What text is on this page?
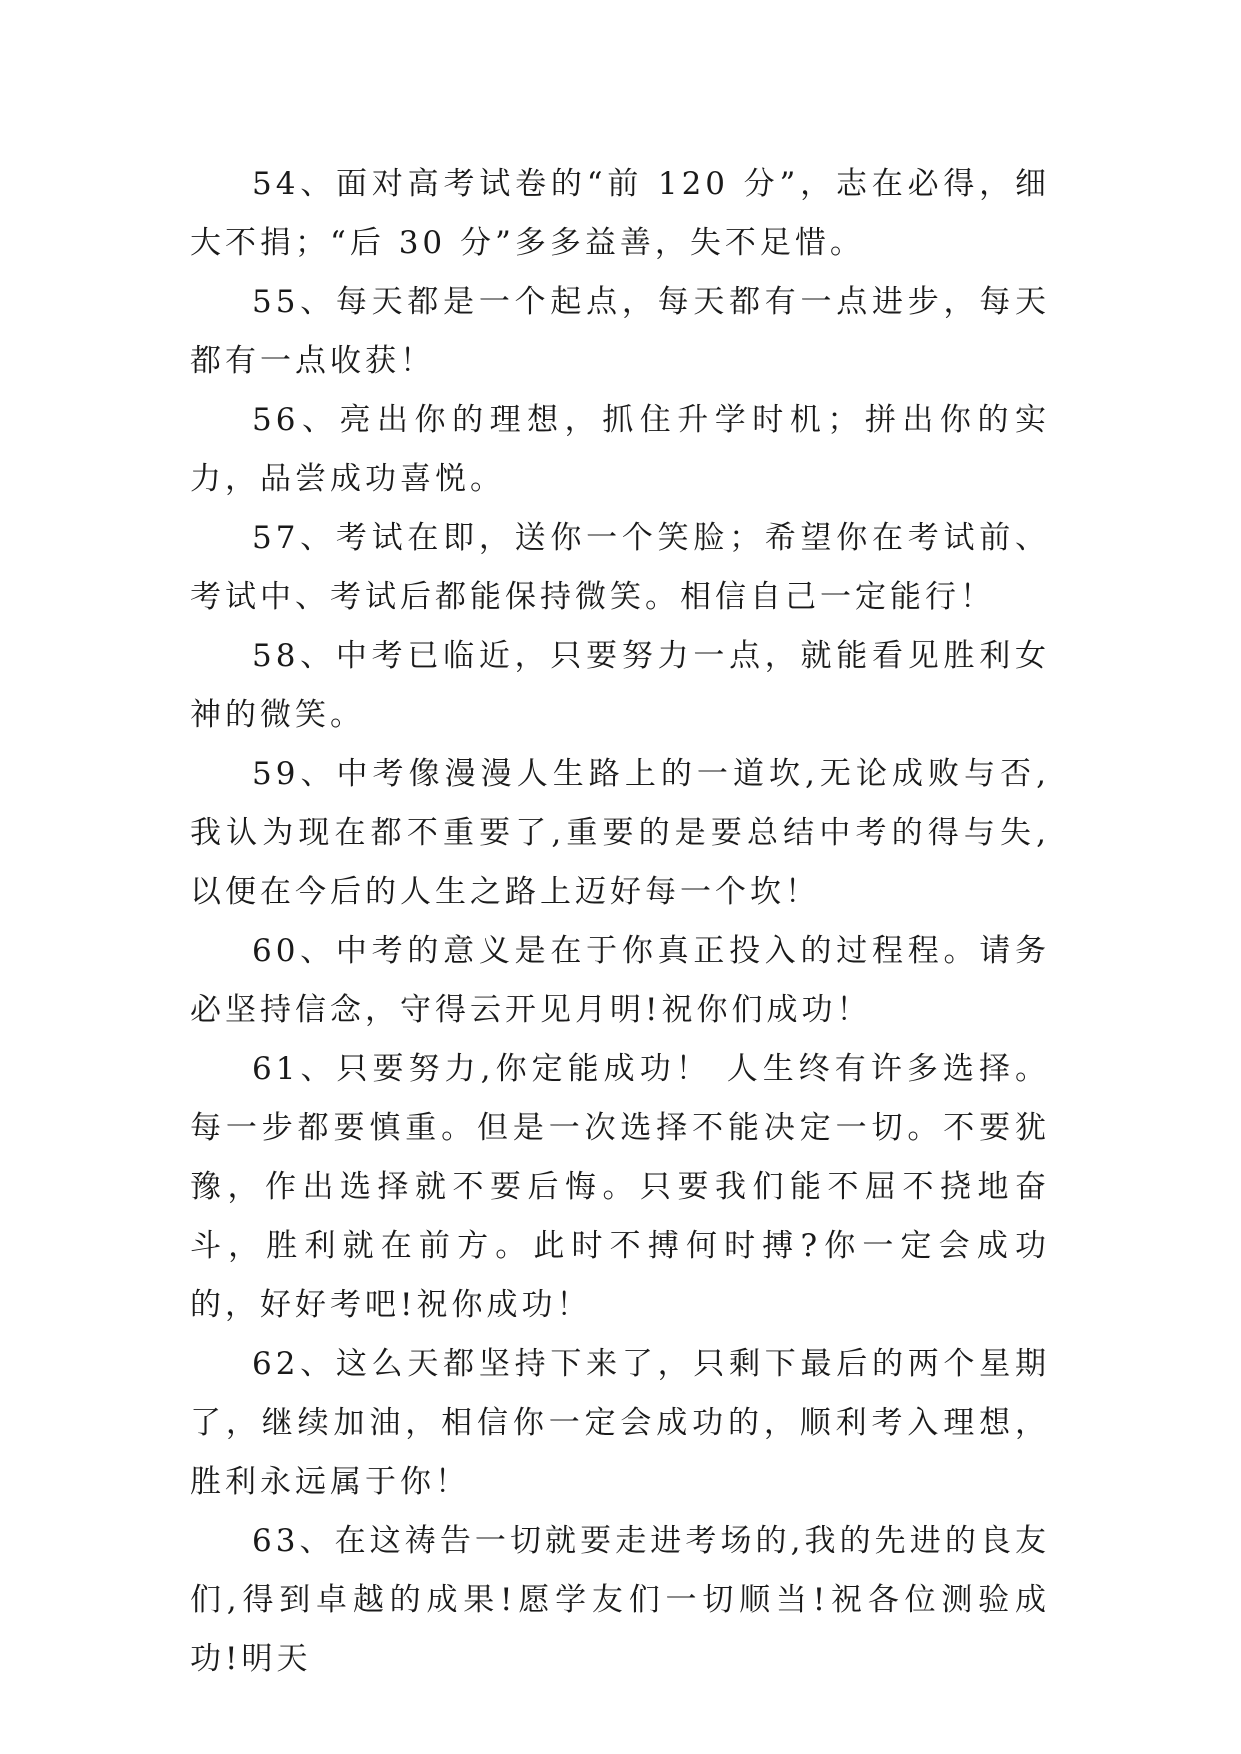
54、面对高考试卷的“前 120 分”，志在必得，细大不捐；“后 30 分”多多益善，失不足惜。

55、每天都是一个起点，每天都有一点进步，每天都有一点收获！

56、亮出你的理想，抓住升学时机；拼出你的实力，品尝成功喜悦。

57、考试在即，送你一个笑脸；希望你在考试前、考试中、考试后都能保持微笑。相信自己一定能行！

58、中考已临近，只要努力一点，就能看见胜利女神的微笑。

59、中考像漫漫人生路上的一道坎,无论成败与否,我认为现在都不重要了,重要的是要总结中考的得与失,以便在今后的人生之路上迈好每一个坎！

60、中考的意义是在于你真正投入的过程程。请务必坚持信念，守得云开见月明!祝你们成功！

61、只要努力,你定能成功！ 人生终有许多选择。每一步都要慎重。但是一次选择不能决定一切。不要犹豫，作出选择就不要后悔。只要我们能不屈不挠地奋斗，胜利就在前方。此时不搏何时搏?你一定会成功的，好好考吧!祝你成功！

62、这么天都坚持下来了，只剩下最后的两个星期了，继续加油，相信你一定会成功的，顺利考入理想，胜利永远属于你！

63、在这祷告一切就要走进考场的,我的先进的良友们,得到卓越的成果!愿学友们一切顺当!祝各位测验成功!明天
